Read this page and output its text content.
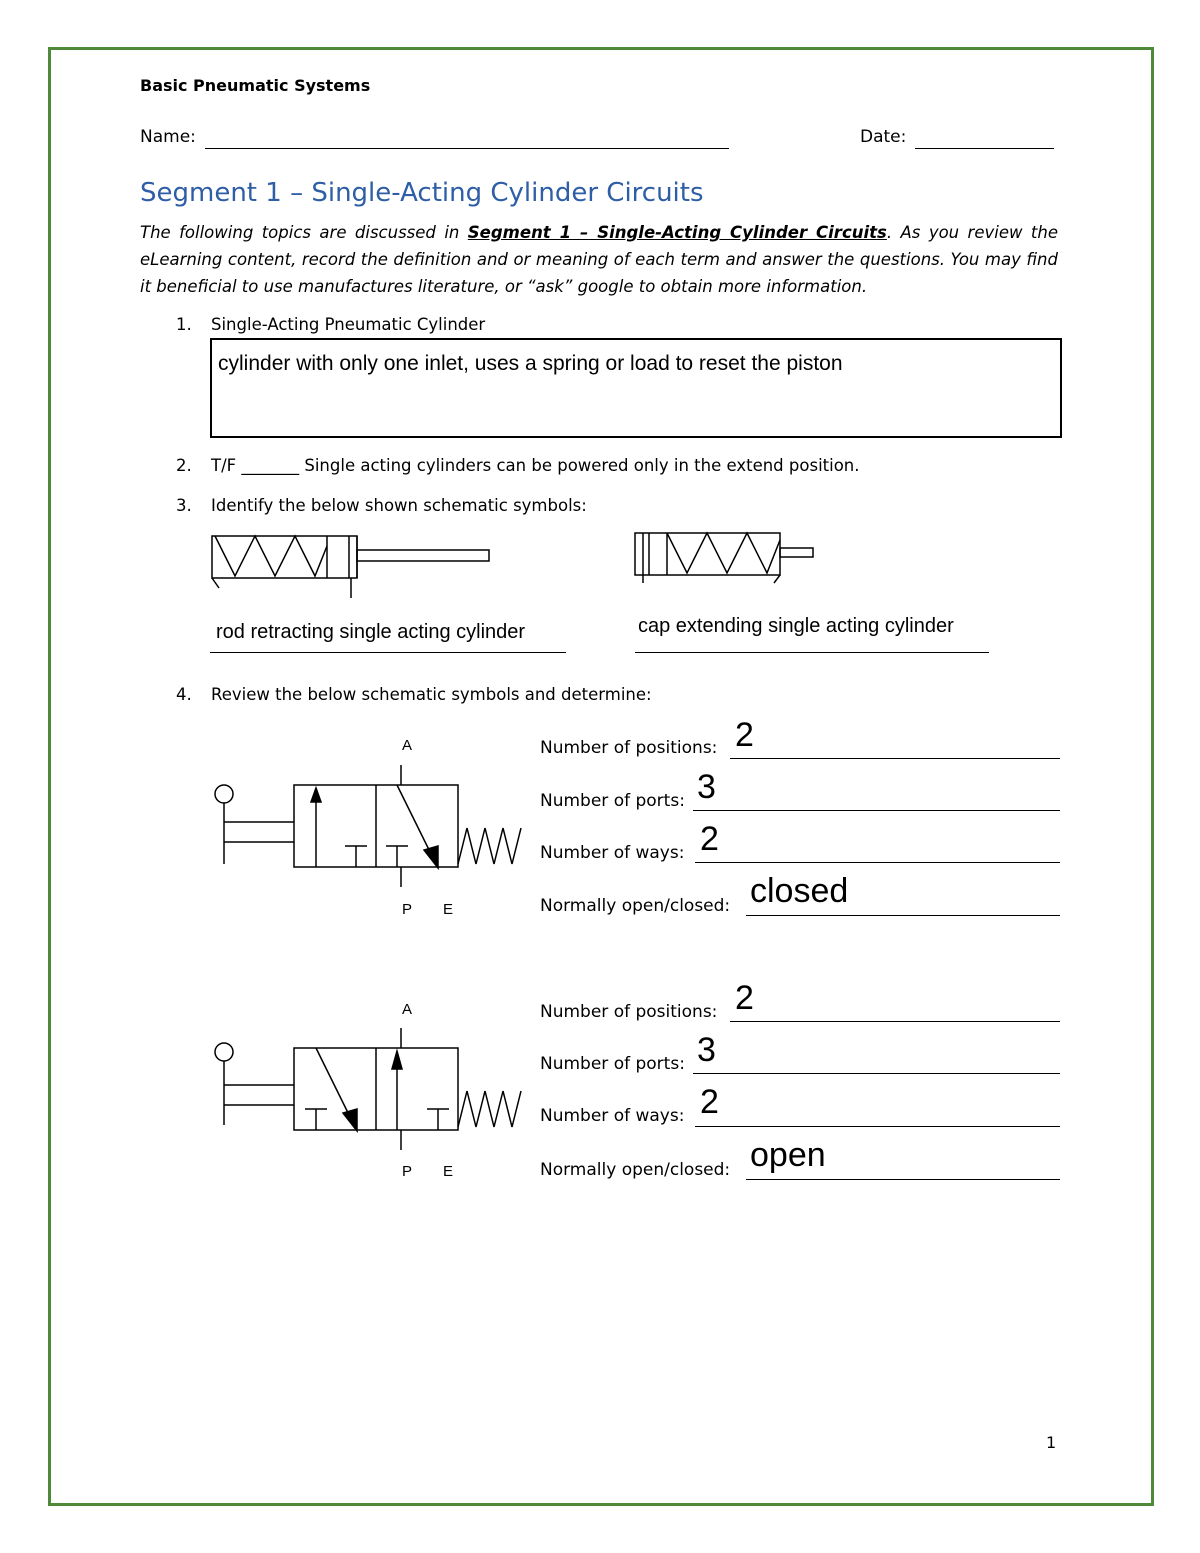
Basic Pneumatic Systems
Name:	Date:
Segment 1 – Single-Acting Cylinder Circuits
The following topics are discussed in Segment 1 – Single-Acting Cylinder Circuits. As you review the eLearning content, record the definition and or meaning of each term and answer the questions. You may find it beneficial to use manufactures literature, or “ask” google to obtain more information.
1. Single-Acting Pneumatic Cylinder
cylinder with only one inlet, uses a spring or load to reset the piston
2. T/F _______ Single acting cylinders can be powered only in the extend position.
3. Identify the below shown schematic symbols:
rod retracting single acting cylinder	cap extending single acting cylinder
4. Review the below schematic symbols and determine:
A
P E
Number of positions: 2
Number of ports: 3
Number of ways: 2
Normally open/closed: closed
A
P E
Number of positions: 2
Number of ports: 3
Number of ways: 2
Normally open/closed: open
1
